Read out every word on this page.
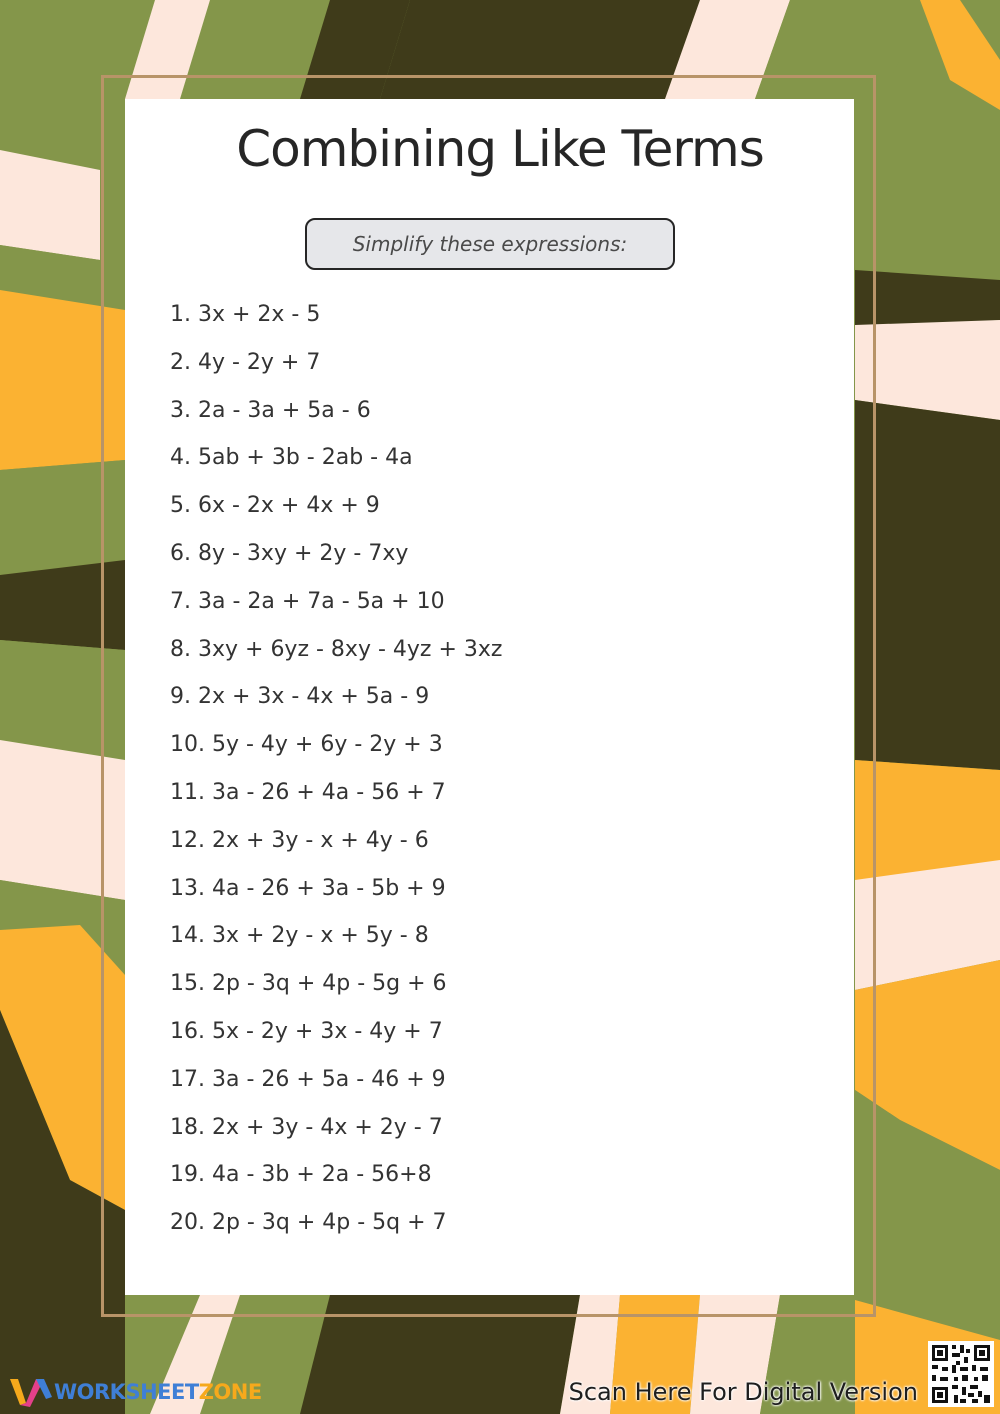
Combining Like Terms
Simplify these expressions:
1. 3x + 2x - 5
2. 4y - 2y + 7
3. 2a - 3a + 5a - 6
4. 5ab + 3b - 2ab - 4a
5. 6x - 2x + 4x + 9
6. 8y - 3xy + 2y - 7xy
7. 3a - 2a + 7a - 5a + 10
8. 3xy + 6yz - 8xy - 4yz + 3xz
9. 2x + 3x - 4x + 5a - 9
10. 5y - 4y + 6y - 2y + 3
11. 3a - 26 + 4a - 56 + 7
12. 2x + 3y - x + 4y - 6
13. 4a - 26 + 3a - 5b + 9
14. 3x + 2y - x + 5y - 8
15. 2p - 3q + 4p - 5g + 6
16. 5x - 2y + 3x - 4y + 7
17. 3a - 26 + 5a - 46 + 9
18. 2x + 3y - 4x + 2y - 7
19. 4a - 3b + 2a - 56+8
20. 2p - 3q + 4p - 5q + 7
WORKSHEETZONE	Scan Here For Digital Version
